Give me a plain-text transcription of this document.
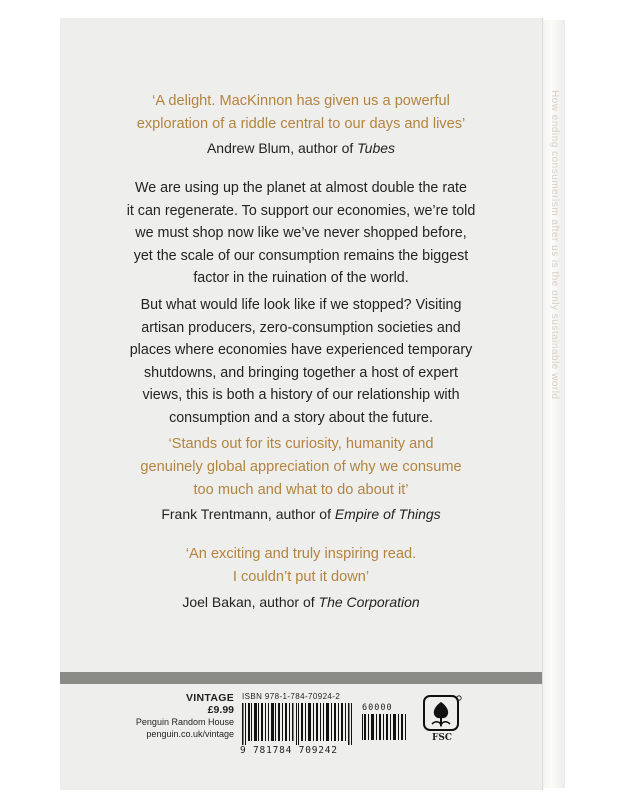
How ending consumerism after us is the only sustainable world
‘A delight. MacKinnon has given us a powerful
exploration of a riddle central to our days and lives’
Andrew Blum, author of Tubes
We are using up the planet at almost double the rate
it can regenerate. To support our economies, we’re told
we must shop now like we’ve never shopped before,
yet the scale of our consumption remains the biggest
factor in the ruination of the world.
But what would life look like if we stopped? Visiting
artisan producers, zero-consumption societies and
places where economies have experienced temporary
shutdowns, and bringing together a host of expert
views, this is both a history of our relationship with
consumption and a story about the future.
‘Stands out for its curiosity, humanity and
genuinely global appreciation of why we consume
too much and what to do about it’
Frank Trentmann, author of Empire of Things
‘An exciting and truly inspiring read.
I couldn’t put it down’
Joel Bakan, author of The Corporation
VINTAGE
£9.99
Penguin Random House
penguin.co.uk/vintage
ISBN 978-1-784-70924-2
9 781784 709242
60000
FSC
